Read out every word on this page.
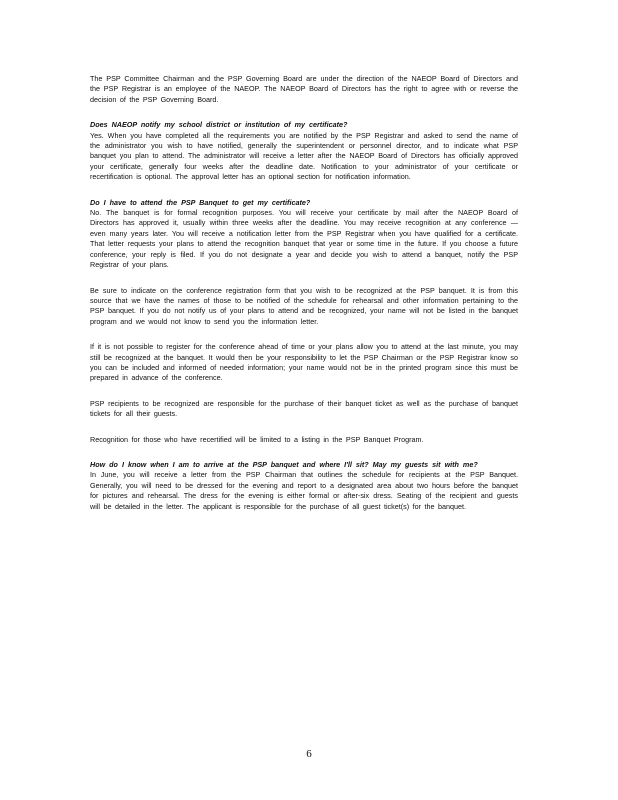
The PSP Committee Chairman and the PSP Governing Board are under the direction of the NAEOP Board of Directors and the PSP Registrar is an employee of the NAEOP. The NAEOP Board of Directors has the right to agree with or reverse the decision of the PSP Governing Board.

Does NAEOP notify my school district or institution of my certificate?

Yes. When you have completed all the requirements you are notified by the PSP Registrar and asked to send the name of the administrator you wish to have notified, generally the superintendent or personnel director, and to indicate what PSP banquet you plan to attend. The administrator will receive a letter after the NAEOP Board of Directors has officially approved your certificate, generally four weeks after the deadline date. Notification to your administrator of your certificate or recertification is optional. The approval letter has an optional section for notification information.

Do I have to attend the PSP Banquet to get my certificate?

No. The banquet is for formal recognition purposes. You will receive your certificate by mail after the NAEOP Board of Directors has approved it, usually within three weeks after the deadline. You may receive recognition at any conference —even many years later. You will receive a notification letter from the PSP Registrar when you have qualified for a certificate. That letter requests your plans to attend the recognition banquet that year or some time in the future. If you choose a future conference, your reply is filed. If you do not designate a year and decide you wish to attend a banquet, notify the PSP Registrar of your plans.

Be sure to indicate on the conference registration form that you wish to be recognized at the PSP banquet. It is from this source that we have the names of those to be notified of the schedule for rehearsal and other information pertaining to the PSP banquet. If you do not notify us of your plans to attend and be recognized, your name will not be listed in the banquet program and we would not know to send you the information letter.

If it is not possible to register for the conference ahead of time or your plans allow you to attend at the last minute, you may still be recognized at the banquet. It would then be your responsibility to let the PSP Chairman or the PSP Registrar know so you can be included and informed of needed information; your name would not be in the printed program since this must be prepared in advance of the conference.

PSP recipients to be recognized are responsible for the purchase of their banquet ticket as well as the purchase of banquet tickets for all their guests.

Recognition for those who have recertified will be limited to a listing in the PSP Banquet Program.

How do I know when I am to arrive at the PSP banquet and where I'll sit? May my guests sit with me?

In June, you will receive a letter from the PSP Chairman that outlines the schedule for recipients at the PSP Banquet. Generally, you will need to be dressed for the evening and report to a designated area about two hours before the banquet for pictures and rehearsal. The dress for the evening is either formal or after-six dress. Seating of the recipient and guests will be detailed in the letter. The applicant is responsible for the purchase of all guest ticket(s) for the banquet.

6
